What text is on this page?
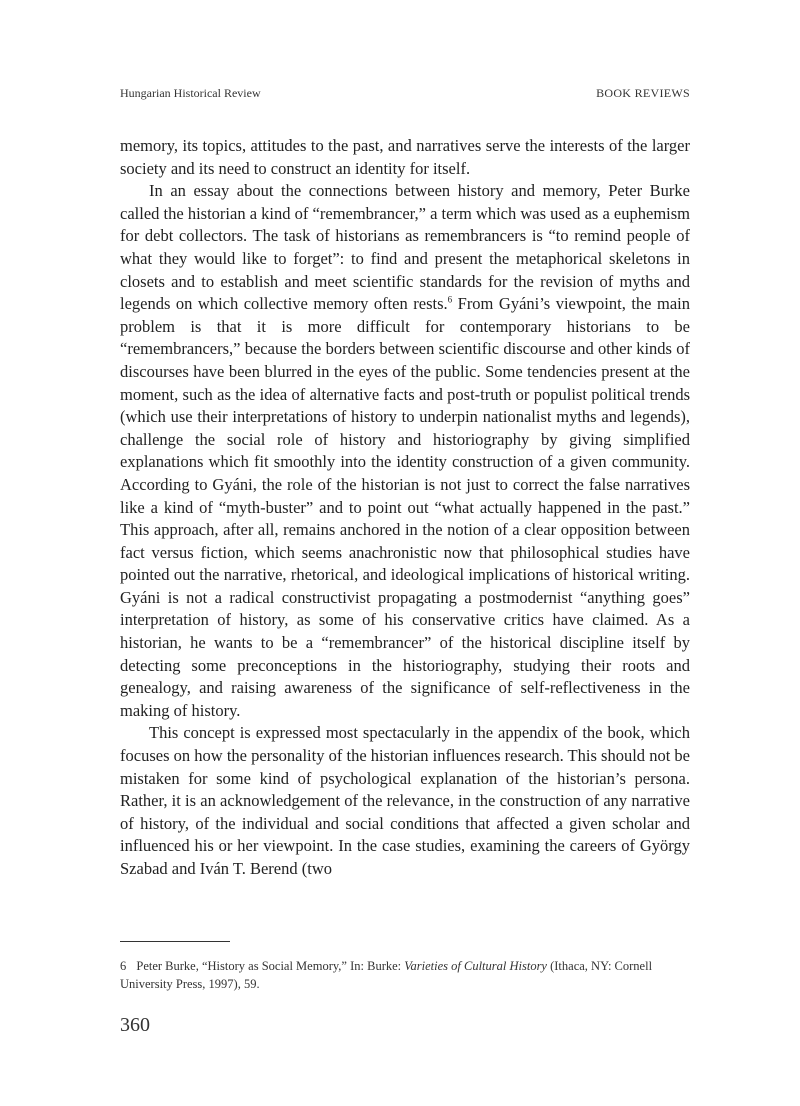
Hungarian Historical Review	BOOK REVIEWS

memory, its topics, attitudes to the past, and narratives serve the interests of the larger society and its need to construct an identity for itself.

In an essay about the connections between history and memory, Peter Burke called the historian a kind of “remembrancer,” a term which was used as a euphemism for debt collectors. The task of historians as remembrancers is “to remind people of what they would like to forget”: to find and present the metaphorical skeletons in closets and to establish and meet scientific standards for the revision of myths and legends on which collective memory often rests.$^6$ From Gyáni’s viewpoint, the main problem is that it is more difficult for contemporary historians to be “remembrancers,” because the borders between scientific discourse and other kinds of discourses have been blurred in the eyes of the public. Some tendencies present at the moment, such as the idea of alternative facts and post-truth or populist political trends (which use their interpretations of history to underpin nationalist myths and legends), challenge the social role of history and historiography by giving simplified explanations which fit smoothly into the identity construction of a given community. According to Gyáni, the role of the historian is not just to correct the false narratives like a kind of “myth-buster” and to point out “what actually happened in the past.” This approach, after all, remains anchored in the notion of a clear opposition between fact versus fiction, which seems anachronistic now that philosophical studies have pointed out the narrative, rhetorical, and ideological implications of historical writing. Gyáni is not a radical constructivist propagating a postmodernist “anything goes” interpretation of history, as some of his conservative critics have claimed. As a historian, he wants to be a “remembrancer” of the historical discipline itself by detecting some preconceptions in the historiography, studying their roots and genealogy, and raising awareness of the significance of self-reflectiveness in the making of history.

This concept is expressed most spectacularly in the appendix of the book, which focuses on how the personality of the historian influences research. This should not be mistaken for some kind of psychological explanation of the historian’s persona. Rather, it is an acknowledgement of the relevance, in the construction of any narrative of history, of the individual and social conditions that affected a given scholar and influenced his or her viewpoint. In the case studies, examining the careers of György Szabad and Iván T. Berend (two

6 Peter Burke, “History as Social Memory,” In: Burke: Varieties of Cultural History (Ithaca, NY: Cornell University Press, 1997), 59.
360
